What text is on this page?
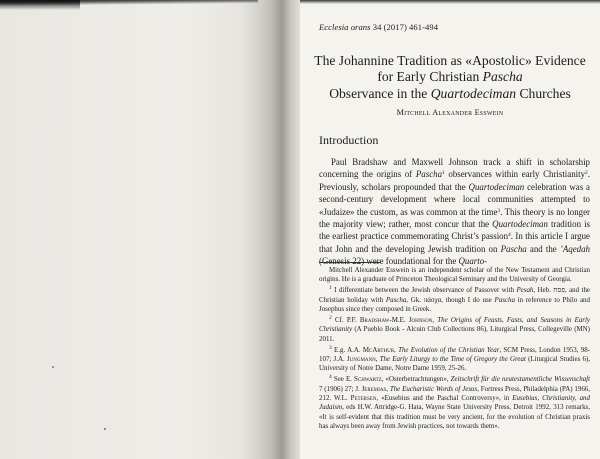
Ecclesia orans 34 (2017) 461-494
The Johannine Tradition as «Apostolic» Evidence
for Early Christian Pascha
Observance in the Quartodeciman Churches
Mitchell Alexander Esswein
Introduction

Paul Bradshaw and Maxwell Johnson track a shift in scholarship concerning the origins of Pascha$^1$ observances within early Christianity$^2$. Previously, scholars propounded that the Quartodeciman celebration was a second-century development where local communities attempted to «Judaize» the custom, as was common at the time$^3$. This theory is no longer the majority view; rather, most concur that the Quartodeciman tradition is the earliest practice commemorating Christ’s passion$^4$. In this article I argue that John and the developing Jewish tradition on Pascha and the ’Aqedah (Genesis 22) were foundational for the Quarto-

Mitchell Alexander Esswein is an independent scholar of the New Testament and Christian origins. He is a graduate of Princeton Theological Seminary and the University of Georgia.

$^1$ I differentiate between the Jewish observance of Passover with Pesah, Heb. פסח, and the Christian holiday with Pascha, Gk. πάσχα, though I do use Pascha in reference to Philo and Josephus since they composed in Greek.

$^2$ Cf. P.F. Bradshaw-M.E. Johnson, The Origins of Feasts, Fasts, and Seasons in Early Christianity (A Pueblo Book - Alcuin Club Collections 86), Liturgical Press, Collegeville (MN) 2011.

$^3$ E.g. A.A. McArthur, The Evolution of the Christian Year, SCM Press, London 1953, 98-107; J.A. Jungmann, The Early Liturgy to the Time of Gregory the Great (Liturgical Studies 6), University of Notre Dame, Notre Dame 1959, 25-26.

$^4$ See E. Schwartz, «Osterbetrachtungen», Zeitschrift für die neutestamentliche Wissenschaft 7 (1906) 27; J. Jeremias, The Eucharistic Words of Jesus, Fortress Press, Philadelphia (PA) 1966, 212. W.L. Petersen, «Eusebius and the Paschal Controversy», in Eusebius, Christianity, and Judaism, eds H.W. Attridge-G. Hata, Wayne State University Press, Detroit 1992, 313 remarks, «It is self-evident that this tradition must be very ancient, for the evolution of Christian praxis has always been away from Jewish practices, not towards them».
